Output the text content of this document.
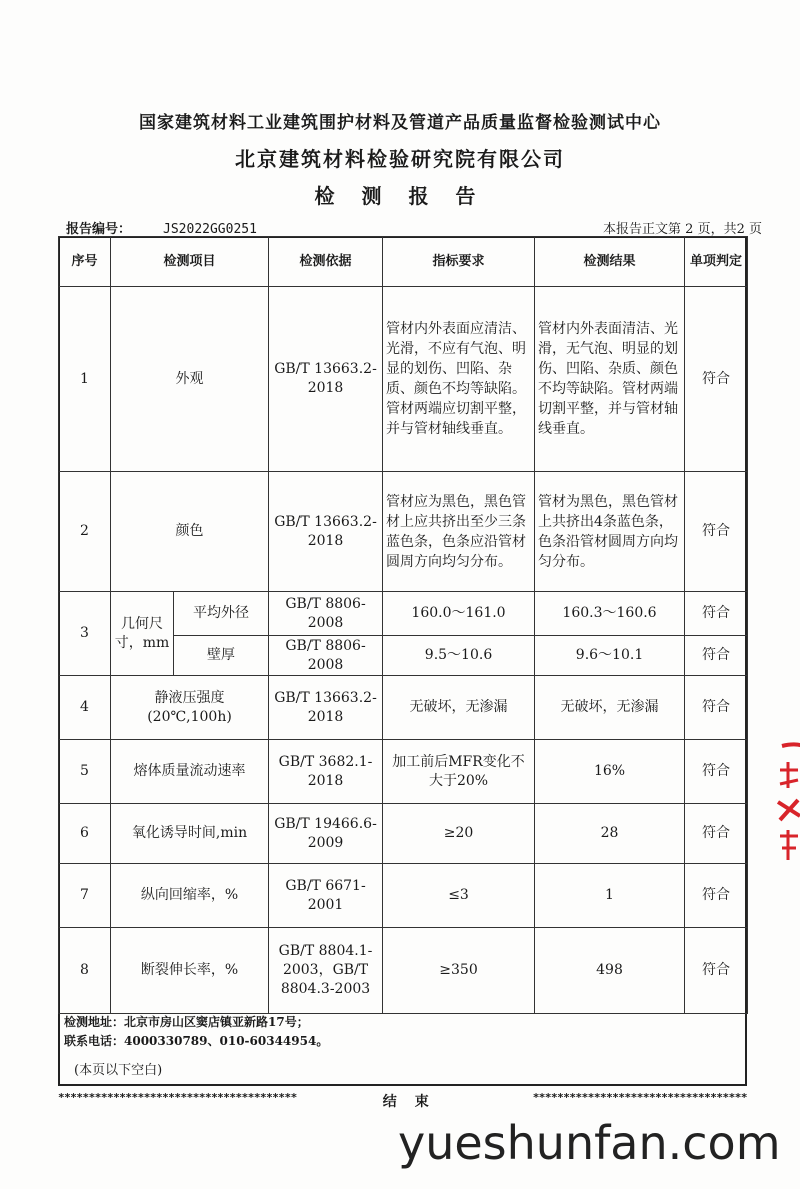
国家建筑材料工业建筑围护材料及管道产品质量监督检验测试中心
北京建筑材料检验研究院有限公司
检 测 报 告
报告编号： JS2022GG0251	本报告正文第 2 页，共2 页
序号	检测项目		检测依据	指标要求	检测结果	单项判定
1	外观		GB/T 13663.2-2018	管材内外表面应清洁、光滑，不应有气泡、明显的划伤、凹陷、杂质、颜色不均等缺陷。管材两端应切割平整，并与管材轴线垂直。	管材内外表面清洁、光滑，无气泡、明显的划伤、凹陷、杂质、颜色不均等缺陷。管材两端切割平整，并与管材轴线垂直。	符合
2	颜色		GB/T 13663.2-2018	管材应为黑色，黑色管材上应共挤出至少三条蓝色条，色条应沿管材圆周方向均匀分布。	管材为黑色，黑色管材上共挤出4条蓝色条，色条沿管材圆周方向均匀分布。	符合
3	几何尺寸，mm	平均外径	GB/T 8806-2008	160.0～161.0	160.3～160.6	符合
		壁厚	GB/T 8806-2008	9.5～10.6	9.6～10.1	符合
4	静液压强度(20℃,100h)		GB/T 13663.2-2018	无破坏，无渗漏	无破坏，无渗漏	符合
5	熔体质量流动速率		GB/T 3682.1-2018	加工前后MFR变化不大于20%	16%	符合
6	氧化诱导时间,min		GB/T 19466.6-2009	≥20	28	符合
7	纵向回缩率，%		GB/T 6671-2001	≤3	1	符合
8	断裂伸长率，%		GB/T 8804.1-2003，GB/T 8804.3-2003	≥350	498	符合
检测地址：北京市房山区窦店镇亚新路17号；
联系电话：4000330789、010-60344954。
(本页以下空白)
***************************************	结束	***********************************
yueshunfan.com
